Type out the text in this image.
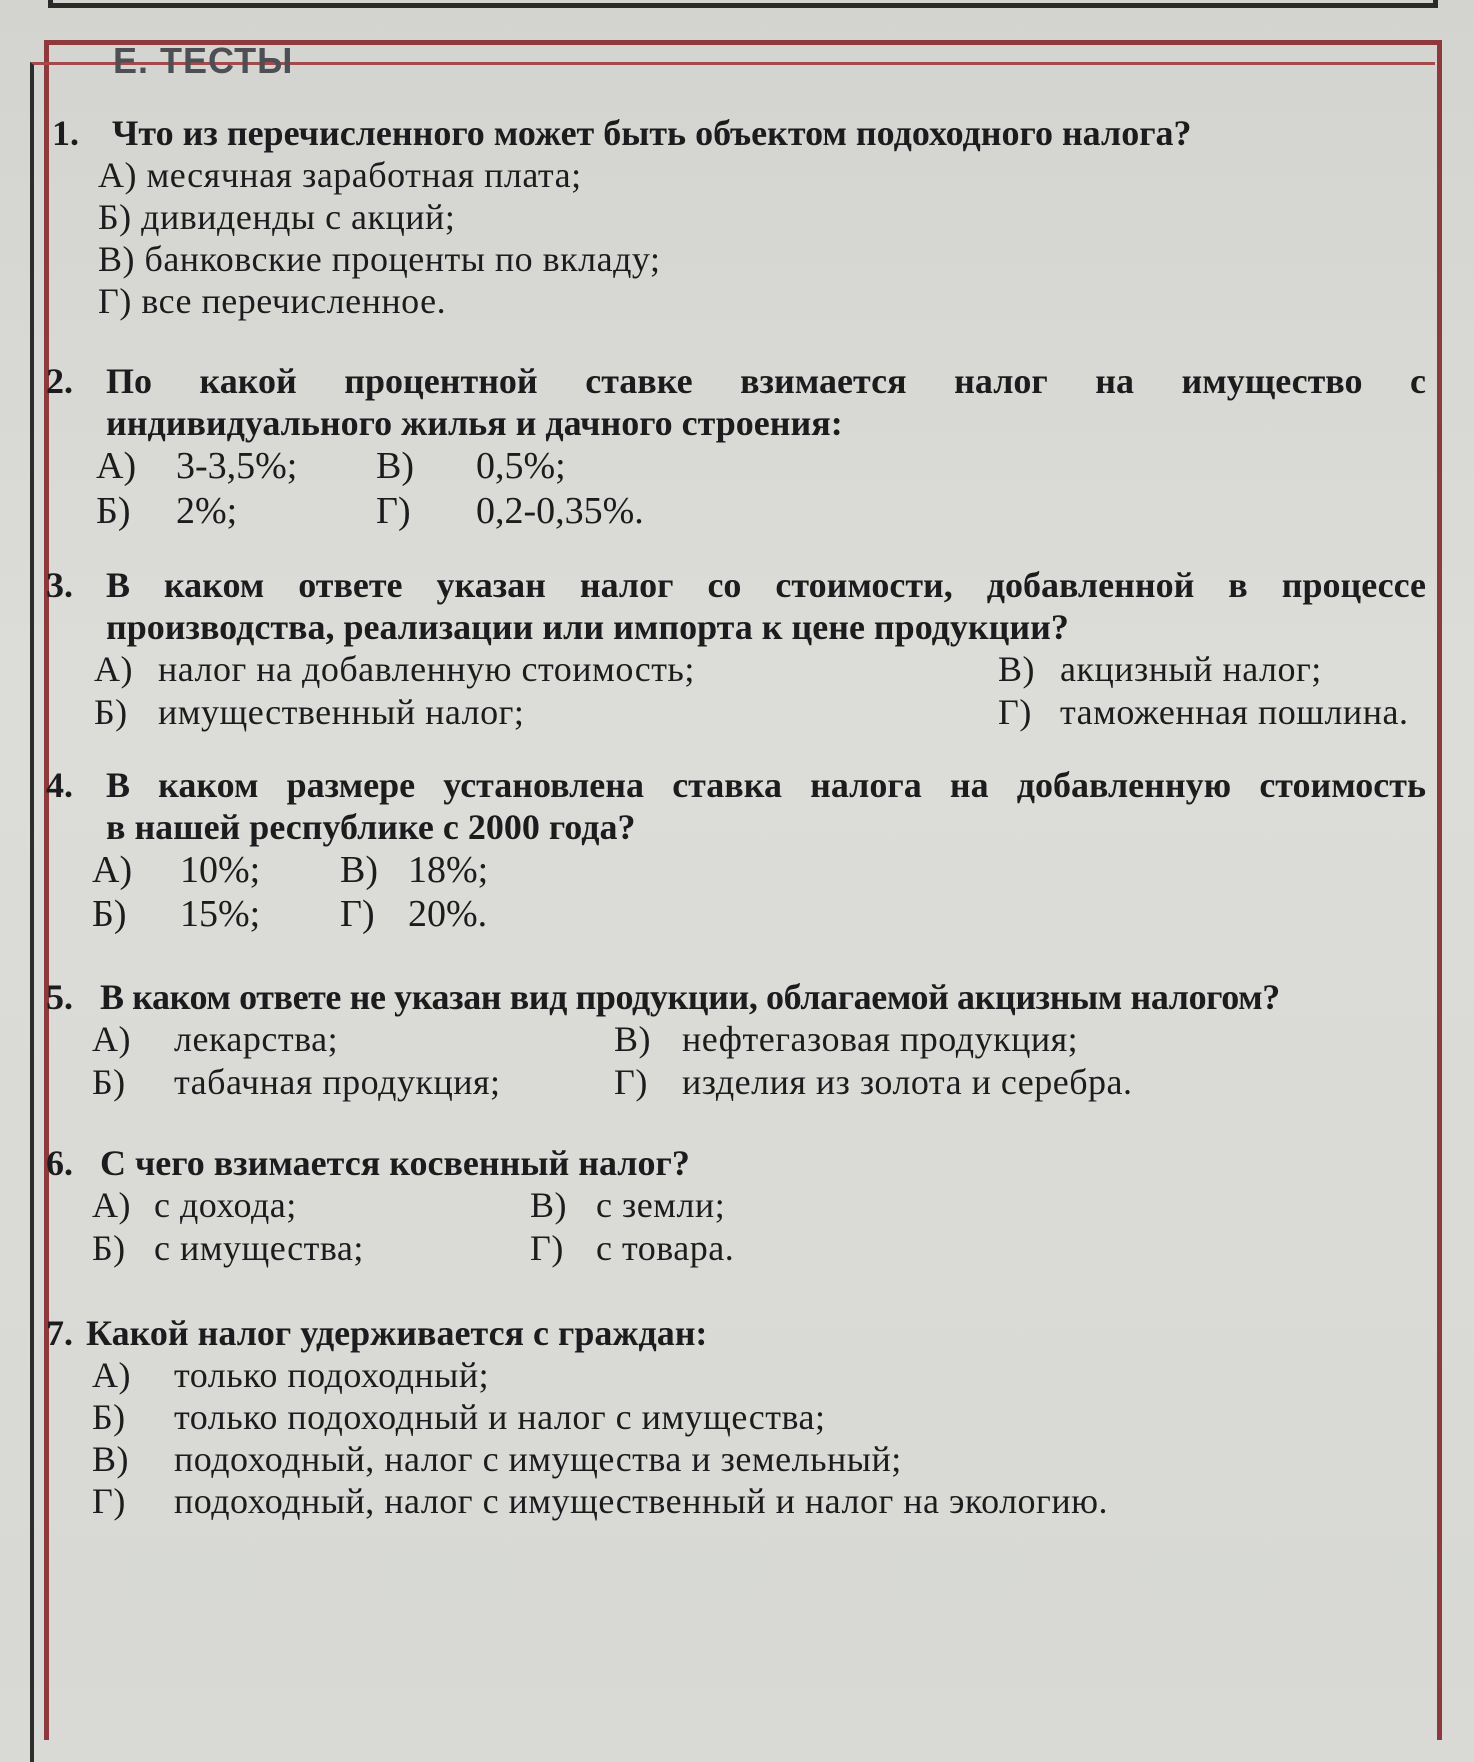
Е. ТЕСТЫ
1. Что из перечисленного может быть объектом подоходного налога?
А)
месячная заработная плата;
Б)
дивиденды с акций;
В)
банковские проценты по вкладу;
Г)
все перечисленное.
2. По какой процентной ставке взимается налог на имущество с
индивидуального жилья и дачного строения:
А)	3-3,5%;	В)	0,5%;
Б)	2%;	Г)	0,2-0,35%.
3. В каком ответе указан налог со стоимости, добавленной в процессе
производства, реализации или импорта к цене продукции?
А) налог на добавленную стоимость;	В) акцизный налог;
Б) имущественный налог;	Г) таможенная пошлина.
4. В каком размере установлена ставка налога на добавленную стоимость
в нашей республике с 2000 года?
А)	10%;	В) 18%;
Б)	15%;	Г) 20%.
5. В каком ответе не указан вид продукции, облагаемой акцизным налогом?
А)	лекарства;	В) нефтегазовая продукция;
Б)	табачная продукция;	Г) изделия из золота и серебра.
6. С чего взимается косвенный налог?
А) с дохода;	В) с земли;
Б) с имущества;	Г) с товара.
7. Какой налог удерживается с граждан:
А)	только подоходный;
Б)	только подоходный и налог с имущества;
В)	подоходный, налог с имущества и земельный;
Г)	подоходный, налог с имущественный и налог на экологию.
